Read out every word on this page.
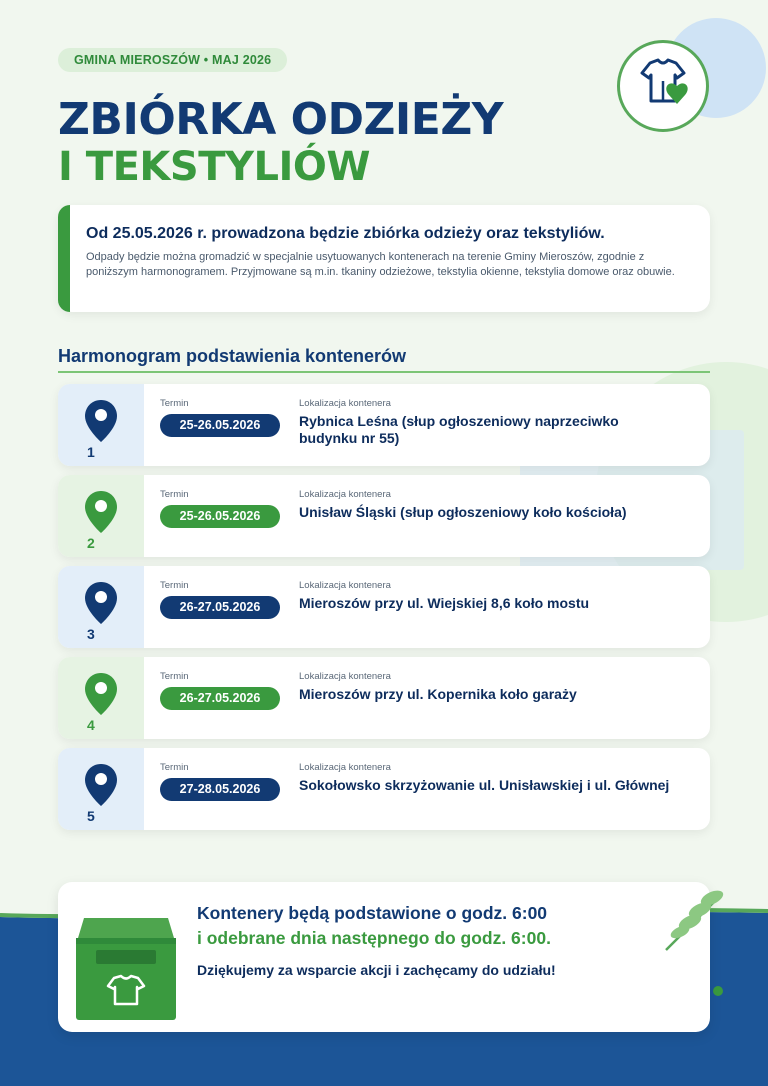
GMINA MIEROSZÓW • MAJ 2026
ZBIÓRKA ODZIEŻY
I TEKSTYLIÓW
Od 25.05.2026 r. prowadzona będzie zbiórka odzieży oraz tekstyliów.

Odpady będzie można gromadzić w specjalnie usytuowanych kontenerach na terenie Gminy Mieroszów, zgodnie z poniższym harmonogramem. Przyjmowane są m.in. tkaniny odzieżowe, tekstylia okienne, tekstylia domowe oraz obuwie.

Harmonogram podstawienia kontenerów
1
Termin
25-26.05.2026
Lokalizacja kontenera
Rybnica Leśna (słup ogłoszeniowy naprzeciwko budynku nr 55)
2
Termin
25-26.05.2026
Lokalizacja kontenera
Unisław Śląski (słup ogłoszeniowy koło kościoła)
3
Termin
26-27.05.2026
Lokalizacja kontenera
Mieroszów przy ul. Wiejskiej 8,6 koło mostu
4
Termin
26-27.05.2026
Lokalizacja kontenera
Mieroszów przy ul. Kopernika koło garaży
5
Termin
27-28.05.2026
Lokalizacja kontenera
Sokołowsko skrzyżowanie ul. Unisławskiej i ul. Głównej
Kontenery będą podstawione o godz. 6:00
i odebrane dnia następnego do godz. 6:00.
Dziękujemy za wsparcie akcji i zachęcamy do udziału!
